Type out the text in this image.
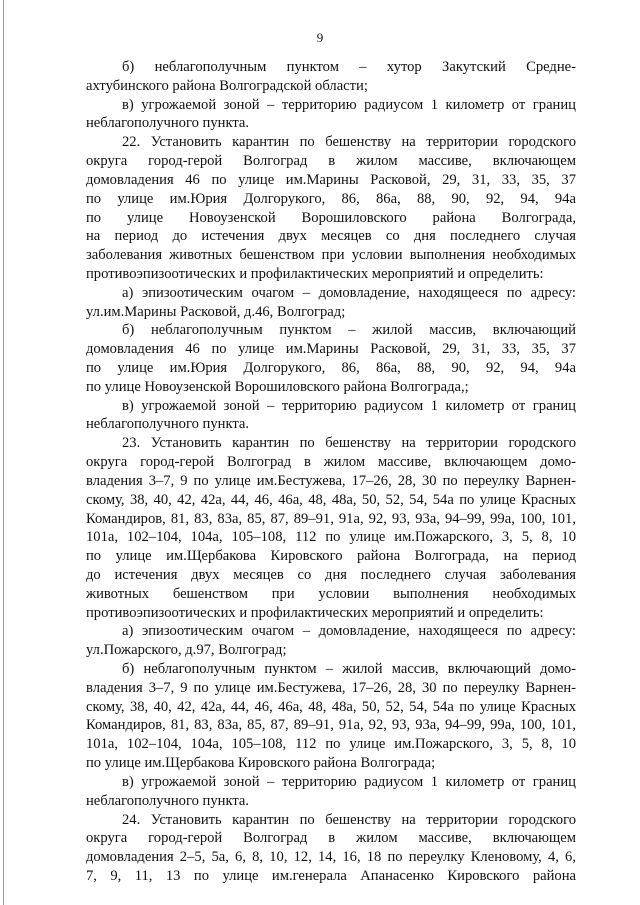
9
б) неблагополучным пунктом – хутор Закутский Средне-
ахтубинского района Волгоградской области;
в) угрожаемой зоной – территорию радиусом 1 километр от границ
неблагополучного пункта.
22. Установить карантин по бешенству на территории городского
округа город-герой Волгоград в жилом массиве, включающем
домовладения 46 по улице им.Марины Расковой, 29, 31, 33, 35, 37
по улице им.Юрия Долгорукого, 86, 86а, 88, 90, 92, 94, 94а
по улице Новоузенской Ворошиловского района Волгограда,
на период до истечения двух месяцев со дня последнего случая
заболевания животных бешенством при условии выполнения необходимых
противоэпизоотических и профилактических мероприятий и определить:
а) эпизоотическим очагом – домовладение, находящееся по адресу:
ул.им.Марины Расковой, д.46, Волгоград;
б) неблагополучным пунктом – жилой массив, включающий
домовладения 46 по улице им.Марины Расковой, 29, 31, 33, 35, 37
по улице им.Юрия Долгорукого, 86, 86а, 88, 90, 92, 94, 94а
по улице Новоузенской Ворошиловского района Волгограда,;
в) угрожаемой зоной – территорию радиусом 1 километр от границ
неблагополучного пункта.
23. Установить карантин по бешенству на территории городского
округа город-герой Волгоград в жилом массиве, включающем домо-
владения 3–7, 9 по улице им.Бестужева, 17–26, 28, 30 по переулку Варнен-
скому, 38, 40, 42, 42а, 44, 46, 46а, 48, 48а, 50, 52, 54, 54а по улице Красных
Командиров, 81, 83, 83а, 85, 87, 89–91, 91а, 92, 93, 93а, 94–99, 99а, 100, 101,
101а, 102–104, 104а, 105–108, 112 по улице им.Пожарского, 3, 5, 8, 10
по улице им.Щербакова Кировского района Волгограда, на период
до истечения двух месяцев со дня последнего случая заболевания
животных бешенством при условии выполнения необходимых
противоэпизоотических и профилактических мероприятий и определить:
а) эпизоотическим очагом – домовладение, находящееся по адресу:
ул.Пожарского, д.97, Волгоград;
б) неблагополучным пунктом – жилой массив, включающий домо-
владения 3–7, 9 по улице им.Бестужева, 17–26, 28, 30 по переулку Варнен-
скому, 38, 40, 42, 42а, 44, 46, 46а, 48, 48а, 50, 52, 54, 54а по улице Красных
Командиров, 81, 83, 83а, 85, 87, 89–91, 91а, 92, 93, 93а, 94–99, 99а, 100, 101,
101а, 102–104, 104а, 105–108, 112 по улице им.Пожарского, 3, 5, 8, 10
по улице им.Щербакова Кировского района Волгограда;
в) угрожаемой зоной – территорию радиусом 1 километр от границ
неблагополучного пункта.
24. Установить карантин по бешенству на территории городского
округа город-герой Волгоград в жилом массиве, включающем
домовладения 2–5, 5а, 6, 8, 10, 12, 14, 16, 18 по переулку Кленовому, 4, 6,
7, 9, 11, 13 по улице им.генерала Апанасенко Кировского района
